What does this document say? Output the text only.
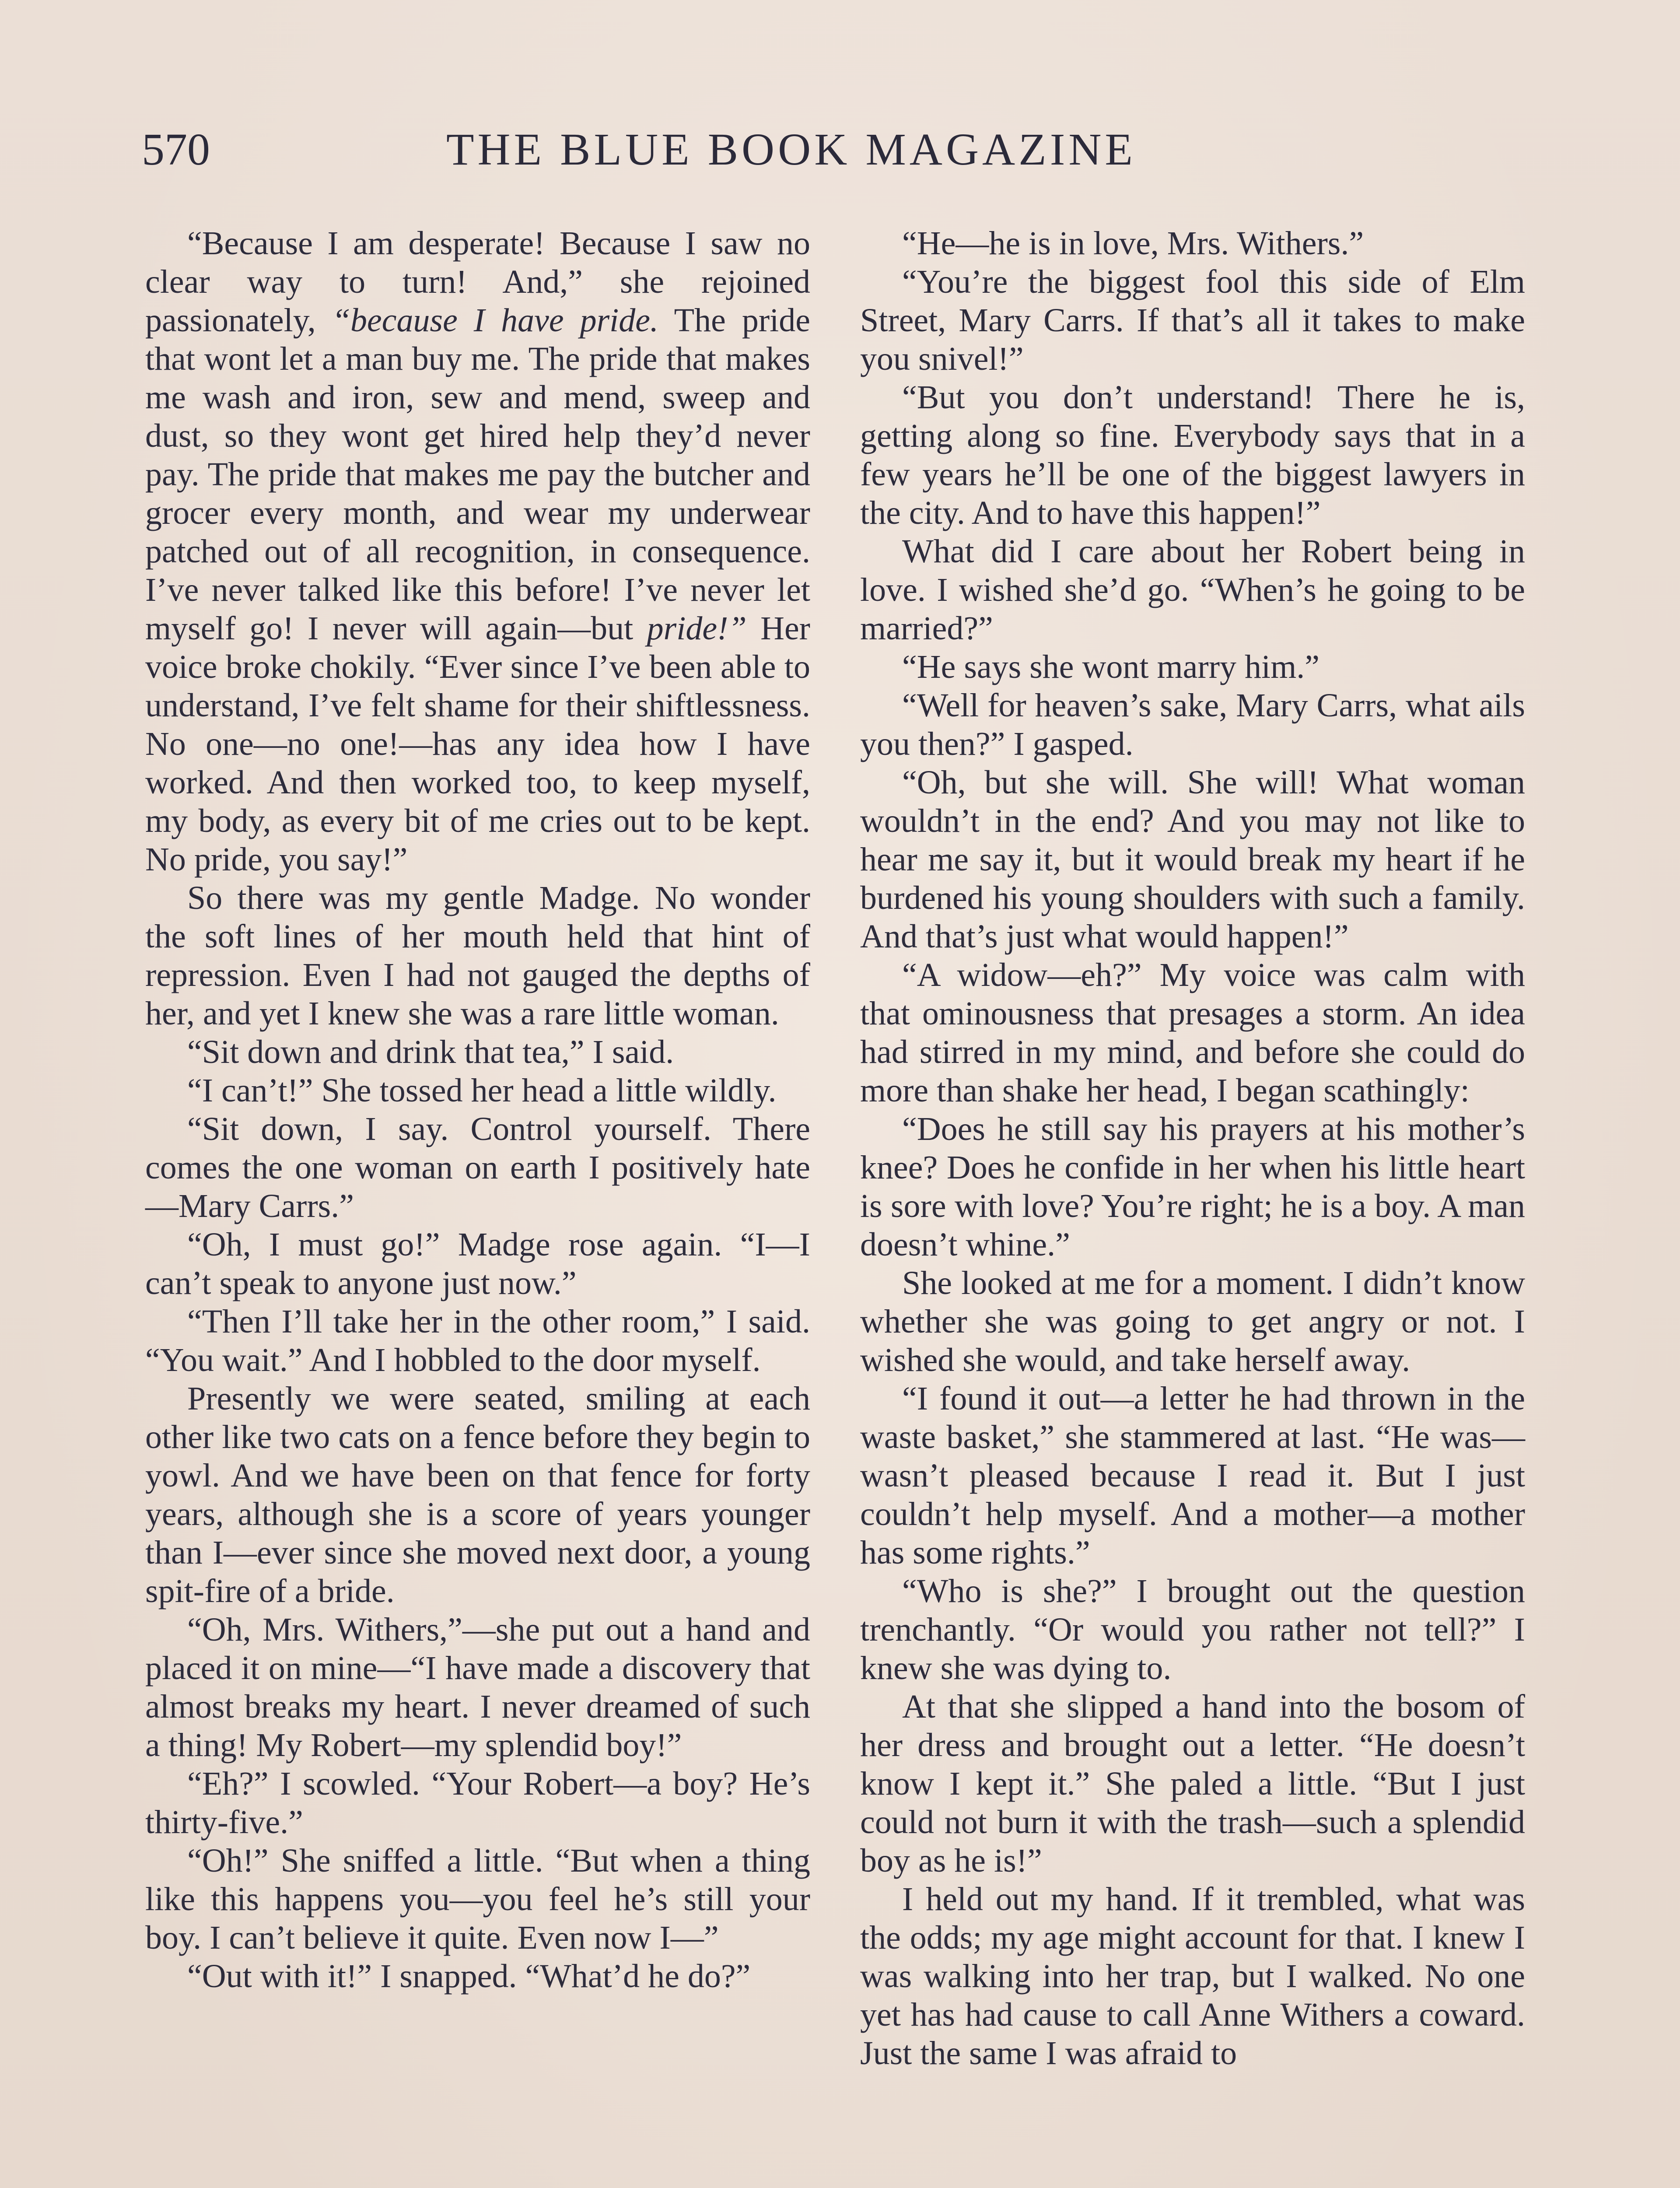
570	THE BLUE BOOK MAGAZINE

“Because I am desperate! Because I saw no clear way to turn! And,” she rejoined passionately, “because I have pride. The pride that wont let a man buy me. The pride that makes me wash and iron, sew and mend, sweep and dust, so they wont get hired help they’d never pay. The pride that makes me pay the butcher and grocer every month, and wear my underwear patched out of all recognition, in consequence. I’ve never talked like this before! I’ve never let myself go! I never will again—but pride!” Her voice broke chokily. “Ever since I’ve been able to understand, I’ve felt shame for their shiftlessness. No one—no one!—has any idea how I have worked. And then worked too, to keep myself, my body, as every bit of me cries out to be kept. No pride, you say!”

So there was my gentle Madge. No wonder the soft lines of her mouth held that hint of repression. Even I had not gauged the depths of her, and yet I knew she was a rare little woman.

“Sit down and drink that tea,” I said.

“I can’t!” She tossed her head a little wildly.

“Sit down, I say. Control yourself. There comes the one woman on earth I positively hate—Mary Carrs.”

“Oh, I must go!” Madge rose again. “I—I can’t speak to anyone just now.”

“Then I’ll take her in the other room,” I said. “You wait.” And I hobbled to the door myself.

Presently we were seated, smiling at each other like two cats on a fence before they begin to yowl. And we have been on that fence for forty years, although she is a score of years younger than I—ever since she moved next door, a young spit-fire of a bride.

“Oh, Mrs. Withers,”—she put out a hand and placed it on mine—“I have made a discovery that almost breaks my heart. I never dreamed of such a thing! My Robert—my splendid boy!”

“Eh?” I scowled. “Your Robert—a boy? He’s thirty-five.”

“Oh!” She sniffed a little. “But when a thing like this happens you—you feel he’s still your boy. I can’t believe it quite. Even now I—”

“Out with it!” I snapped. “What’d he do?”

“He—he is in love, Mrs. Withers.”

“You’re the biggest fool this side of Elm Street, Mary Carrs. If that’s all it takes to make you snivel!”

“But you don’t understand! There he is, getting along so fine. Everybody says that in a few years he’ll be one of the biggest lawyers in the city. And to have this happen!”

What did I care about her Robert being in love. I wished she’d go. “When’s he going to be married?”

“He says she wont marry him.”

“Well for heaven’s sake, Mary Carrs, what ails you then?” I gasped.

“Oh, but she will. She will! What woman wouldn’t in the end? And you may not like to hear me say it, but it would break my heart if he burdened his young shoulders with such a family. And that’s just what would happen!”

“A widow—eh?” My voice was calm with that ominousness that presages a storm. An idea had stirred in my mind, and before she could do more than shake her head, I began scathingly:

“Does he still say his prayers at his mother’s knee? Does he confide in her when his little heart is sore with love? You’re right; he is a boy. A man doesn’t whine.”

She looked at me for a moment. I didn’t know whether she was going to get angry or not. I wished she would, and take herself away.

“I found it out—a letter he had thrown in the waste basket,” she stammered at last. “He was—wasn’t pleased because I read it. But I just couldn’t help myself. And a mother—a mother has some rights.”

“Who is she?” I brought out the question trenchantly. “Or would you rather not tell?” I knew she was dying to.

At that she slipped a hand into the bosom of her dress and brought out a letter. “He doesn’t know I kept it.” She paled a little. “But I just could not burn it with the trash—such a splendid boy as he is!”

I held out my hand. If it trembled, what was the odds; my age might account for that. I knew I was walking into her trap, but I walked. No one yet has had cause to call Anne Withers a coward. Just the same I was afraid to
